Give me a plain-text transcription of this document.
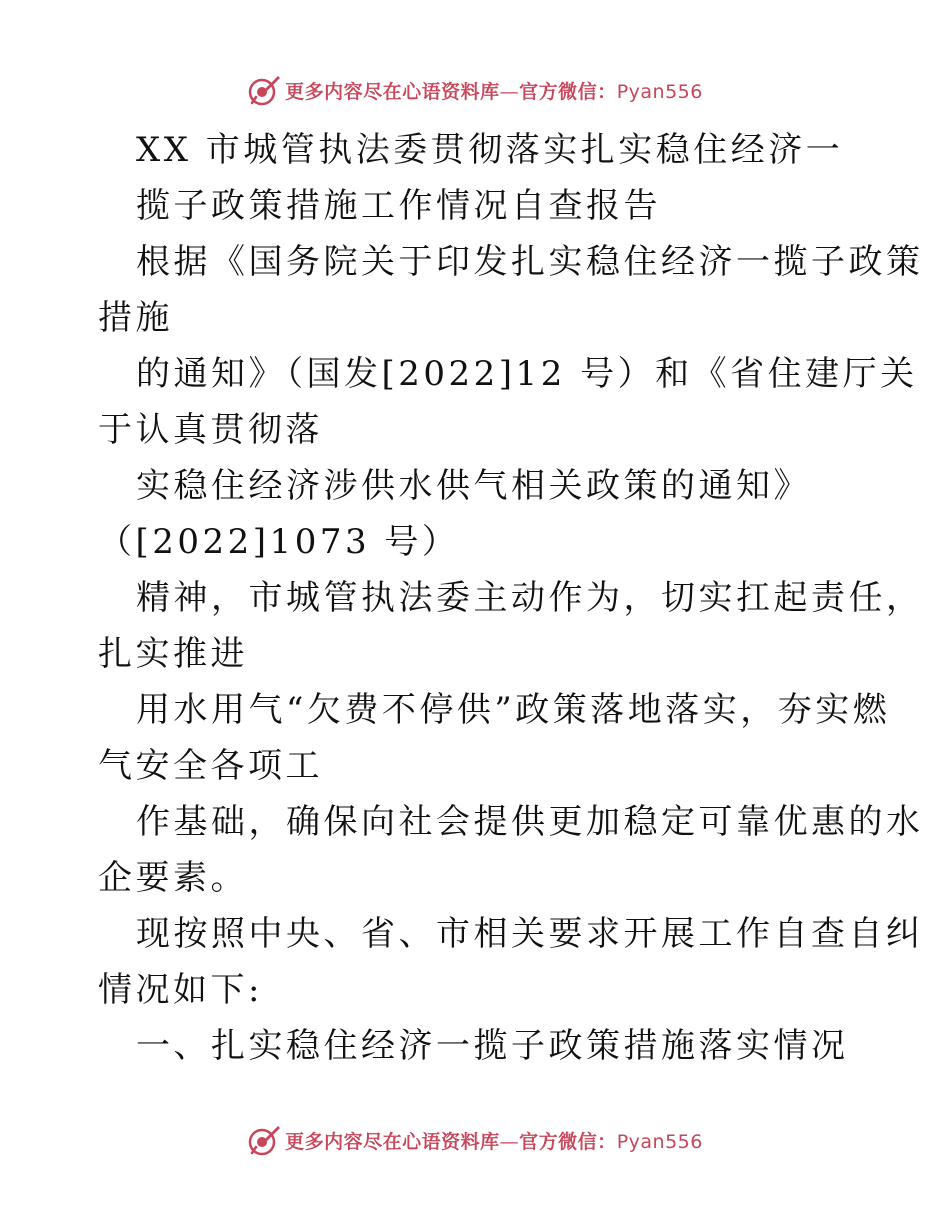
更多内容尽在心语资料库—官方微信：Pyan556
XX 市城管执法委贯彻落实扎实稳住经济一
揽子政策措施工作情况自查报告
根据《国务院关于印发扎实稳住经济一揽子政策
措施
的通知》（国发[2022]12 号）和《省住建厅关
于认真贯彻落
实稳住经济涉供水供气相关政策的通知》
（[2022]1073 号）
精神，市城管执法委主动作为，切实扛起责任，
扎实推进
用水用气“欠费不停供”政策落地落实，夯实燃
气安全各项工
作基础，确保向社会提供更加稳定可靠优惠的水
企要素。
现按照中央、省、市相关要求开展工作自查自纠
情况如下:
一、扎实稳住经济一揽子政策措施落实情况
更多内容尽在心语资料库—官方微信：Pyan556
